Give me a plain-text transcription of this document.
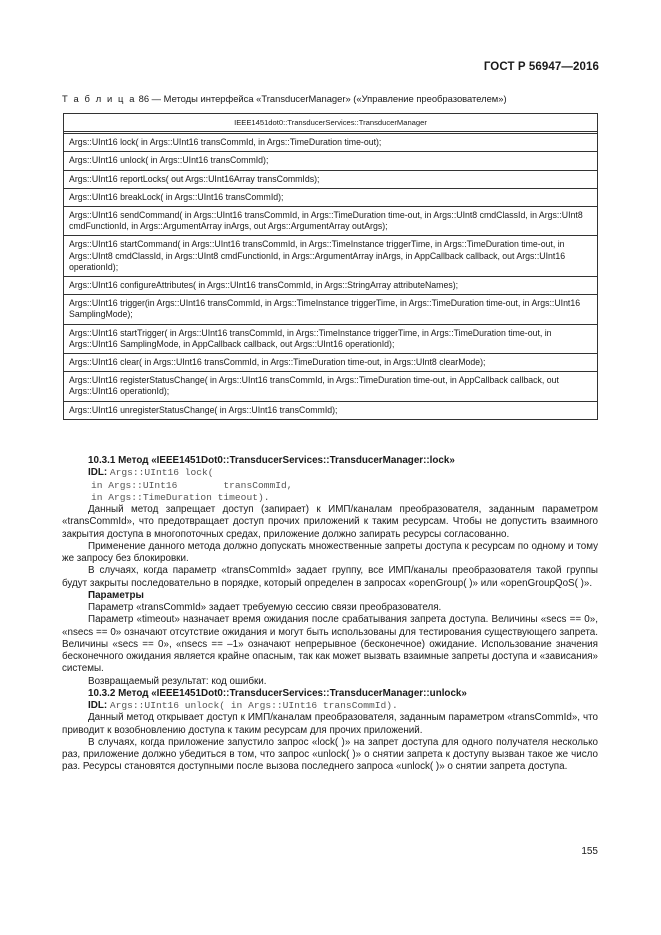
ГОСТ Р 56947—2016
Т а б л и ц а 86 — Методы интерфейса «TransducerManager» («Управление преобразователем»)
IEEE1451dot0::TransducerServices::TransducerManager

Args::UInt16 lock( in Args::UInt16 transCommId, in Args::TimeDuration time-out);
Args::UInt16 unlock( in Args::UInt16 transCommId);
Args::UInt16 reportLocks( out Args::UInt16Array transCommIds);
Args::UInt16 breakLock( in Args::UInt16 transCommId);
Args::UInt16 sendCommand( in Args::UInt16 transCommId, in Args::TimeDuration time-out, in Args::UInt8 cmdClassId, in Args::UInt8 cmdFunctionId, in Args::ArgumentArray inArgs, out Args::ArgumentArray outArgs);
Args::UInt16 startCommand( in Args::UInt16 transCommId, in Args::TimeInstance triggerTime, in Args::TimeDuration time-out, in Args::UInt8 cmdClassId, in Args::UInt8 cmdFunctionId, in Args::ArgumentArray inArgs, in AppCallback callback, out Args::UInt16 operationId);
Args::UInt16 configureAttributes( in Args::UInt16 transCommId, in Args::StringArray attributeNames);
Args::UInt16 trigger(in Args::UInt16 transCommId, in Args::TimeInstance triggerTime, in Args::TimeDuration time-out, in Args::UInt16 SamplingMode);
Args::UInt16 startTrigger( in Args::UInt16 transCommId, in Args::TimeInstance triggerTime, in Args::TimeDuration time-out, in Args::UInt16 SamplingMode, in AppCallback callback, out Args::UInt16 operationId);
Args::UInt16 clear( in Args::UInt16 transCommId, in Args::TimeDuration time-out, in Args::UInt8 clearMode);
Args::UInt16 registerStatusChange( in Args::UInt16 transCommId, in Args::TimeDuration time-out, in AppCallback callback, out Args::UInt16 operationId);
Args::UInt16 unregisterStatusChange( in Args::UInt16 transCommId);

10.3.1 Метод «IEEE1451Dot0::TransducerServices::TransducerManager::lock»

IDL: Args::UInt16 lock(

in Args::UInt16        transCommId,
in Args::TimeDuration timeout).

Данный метод запрещает доступ (запирает) к ИМП/каналам преобразователя, заданным параметром «transCommId», что предотвращает доступ прочих приложений к таким ресурсам. Чтобы не допустить взаимного закрытия доступа в многопоточных средах, приложение должно запирать ресурсы согласованно.

Применение данного метода должно допускать множественные запреты доступа к ресурсам по одному и тому же запросу без блокировки.

В случаях, когда параметр «transCommId» задает группу, все ИМП/каналы преобразователя такой группы будут закрыты последовательно в порядке, который определен в запросах «openGroup( )» или «openGroupQoS( )».

Параметры

Параметр «transCommId» задает требуемую сессию связи преобразователя.

Параметр «timeout» назначает время ожидания после срабатывания запрета доступа. Величины «secs == 0», «nsecs == 0» означают отсутствие ожидания и могут быть использованы для тестирования существующего запрета. Величины «secs == 0», «nsecs == –1» означают непрерывное (бесконечное) ожидание. Использование значения бесконечного ожидания является крайне опасным, так как может вызвать взаимные запреты доступа и «зависания» системы.

Возвращаемый результат: код ошибки.

10.3.2 Метод «IEEE1451Dot0::TransducerServices::TransducerManager::unlock»

IDL: Args::UInt16 unlock( in Args::UInt16 transCommId).

Данный метод открывает доступ к ИМП/каналам преобразователя, заданным параметром «transCommId», что приводит к возобновлению доступа к таким ресурсам для прочих приложений.

В случаях, когда приложение запустило запрос «lock( )» на запрет доступа для одного получателя несколько раз, приложение должно убедиться в том, что запрос «unlock( )» о снятии запрета к доступу вызван такое же число раз. Ресурсы становятся доступными после вызова последнего запроса «unlock( )» о снятии запрета доступа.

155
